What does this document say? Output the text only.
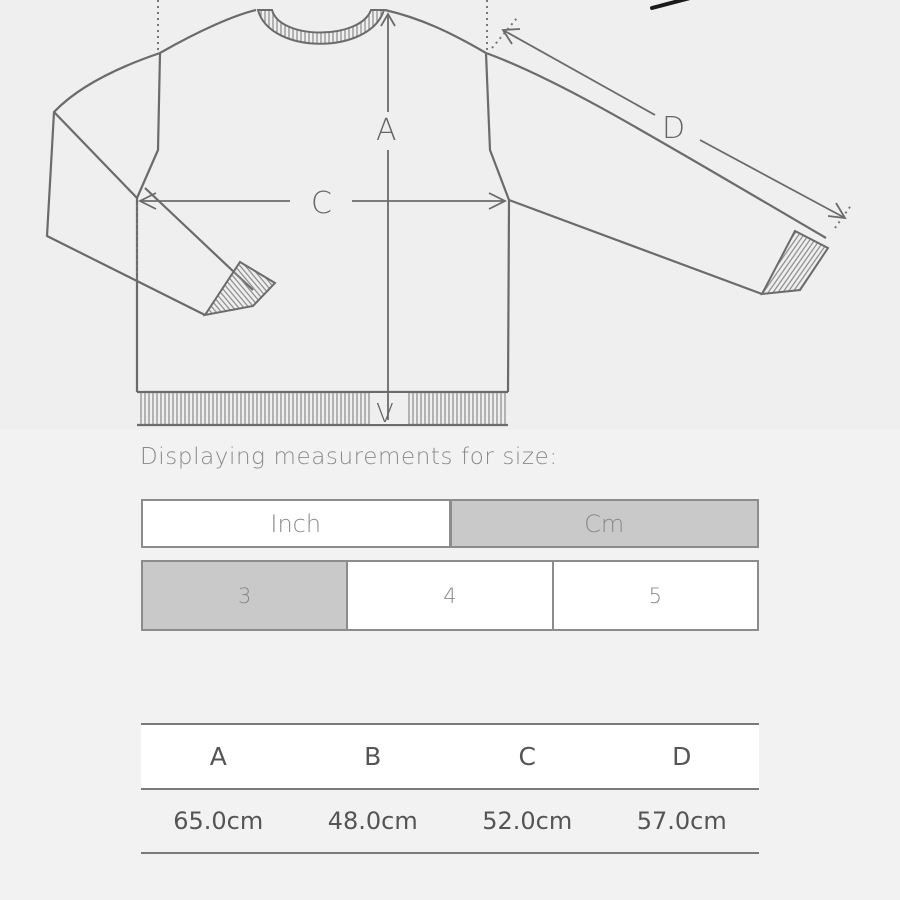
A
V
C
D
Displaying measurements for size:
Inch	Cm
3	4	5
A	B	C	D
65.0cm	48.0cm	52.0cm	57.0cm
